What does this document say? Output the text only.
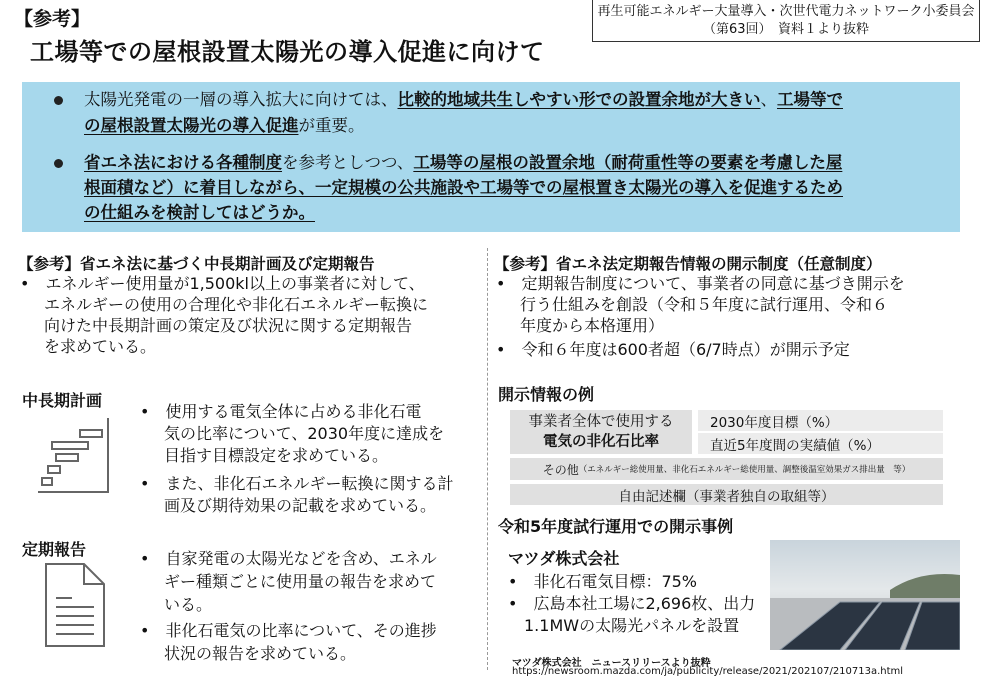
再生可能エネルギー大量導入・次世代電力ネットワーク小委員会
（第63回）　資料１より抜粋
【参考】
工場等での屋根設置太陽光の導入促進に向けて
太陽光発電の一層の導入拡大に向けては、比較的地域共生しやすい形での設置余地が大きい、工場等で
の屋根設置太陽光の導入促進が重要。
省エネ法における各種制度を参考としつつ、工場等の屋根の設置余地（耐荷重性等の要素を考慮した屋
根面積など）に着目しながら、一定規模の公共施設や工場等での屋根置き太陽光の導入を促進するため
の仕組みを検討してはどうか。
【参考】省エネ法に基づく中長期計画及び定期報告
•　エネルギー使用量が1,500kl以上の事業者に対して、
エネルギーの使用の合理化や非化石エネルギー転換に
向けた中長期計画の策定及び状況に関する定期報告
を求めている。
中長期計画
•　使用する電気全体に占める非化石電
気の比率について、2030年度に達成を
目指す目標設定を求めている。
•　また、非化石エネルギー転換に関する計
画及び期待効果の記載を求めている。
定期報告	•　自家発電の太陽光などを含め、エネル
ギー種類ごとに使用量の報告を求めて
いる。
•　非化石電気の比率について、その進捗
状況の報告を求めている。
【参考】省エネ法定期報告情報の開示制度（任意制度）
•　定期報告制度について、事業者の同意に基づき開示を
行う仕組みを創設（令和５年度に試行運用、令和６
年度から本格運用）
•　令和６年度は600者超（6/7時点）が開示予定
開示情報の例
事業者全体で使用する
電気の非化石比率
2030年度目標（%）
直近5年度間の実績値（%）
その他 （エネルギー総使用量、非化石エネルギー総使用量、調整後温室効果ガス排出量　等）
自由記述欄（事業者独自の取組等）
令和5年度試行運用での開示事例
マツダ株式会社
•　非化石電気目標：75%
•　広島本社工場に2,696枚、出力
　1.1MWの太陽光パネルを設置
マツダ株式会社　ニュースリリースより抜粋
https://newsroom.mazda.com/ja/publicity/release/2021/202107/210713a.html
